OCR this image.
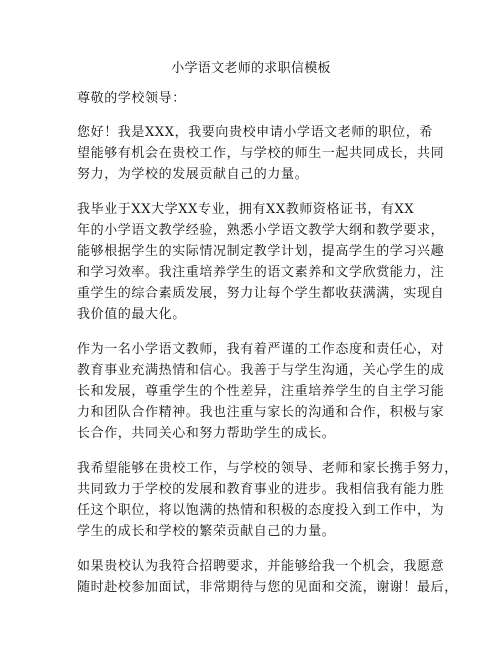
小学语文老师的求职信模板
尊敬的学校领导：
您好！我是XXX，我要向贵校申请小学语文老师的职位，希
望能够有机会在贵校工作，与学校的师生一起共同成长，共同
努力，为学校的发展贡献自己的力量。
我毕业于XX大学XX专业，拥有XX教师资格证书，有XX
年的小学语文教学经验，熟悉小学语文教学大纲和教学要求，
能够根据学生的实际情况制定教学计划，提高学生的学习兴趣
和学习效率。我注重培养学生的语文素养和文学欣赏能力，注
重学生的综合素质发展，努力让每个学生都收获满满，实现自
我价值的最大化。
作为一名小学语文教师，我有着严谨的工作态度和责任心，对
教育事业充满热情和信心。我善于与学生沟通，关心学生的成
长和发展，尊重学生的个性差异，注重培养学生的自主学习能
力和团队合作精神。我也注重与家长的沟通和合作，积极与家
长合作，共同关心和努力帮助学生的成长。
我希望能够在贵校工作，与学校的领导、老师和家长携手努力，
共同致力于学校的发展和教育事业的进步。我相信我有能力胜
任这个职位，将以饱满的热情和积极的态度投入到工作中，为
学生的成长和学校的繁荣贡献自己的力量。
如果贵校认为我符合招聘要求，并能够给我一个机会，我愿意
随时赴校参加面试，非常期待与您的见面和交流，谢谢！最后，
